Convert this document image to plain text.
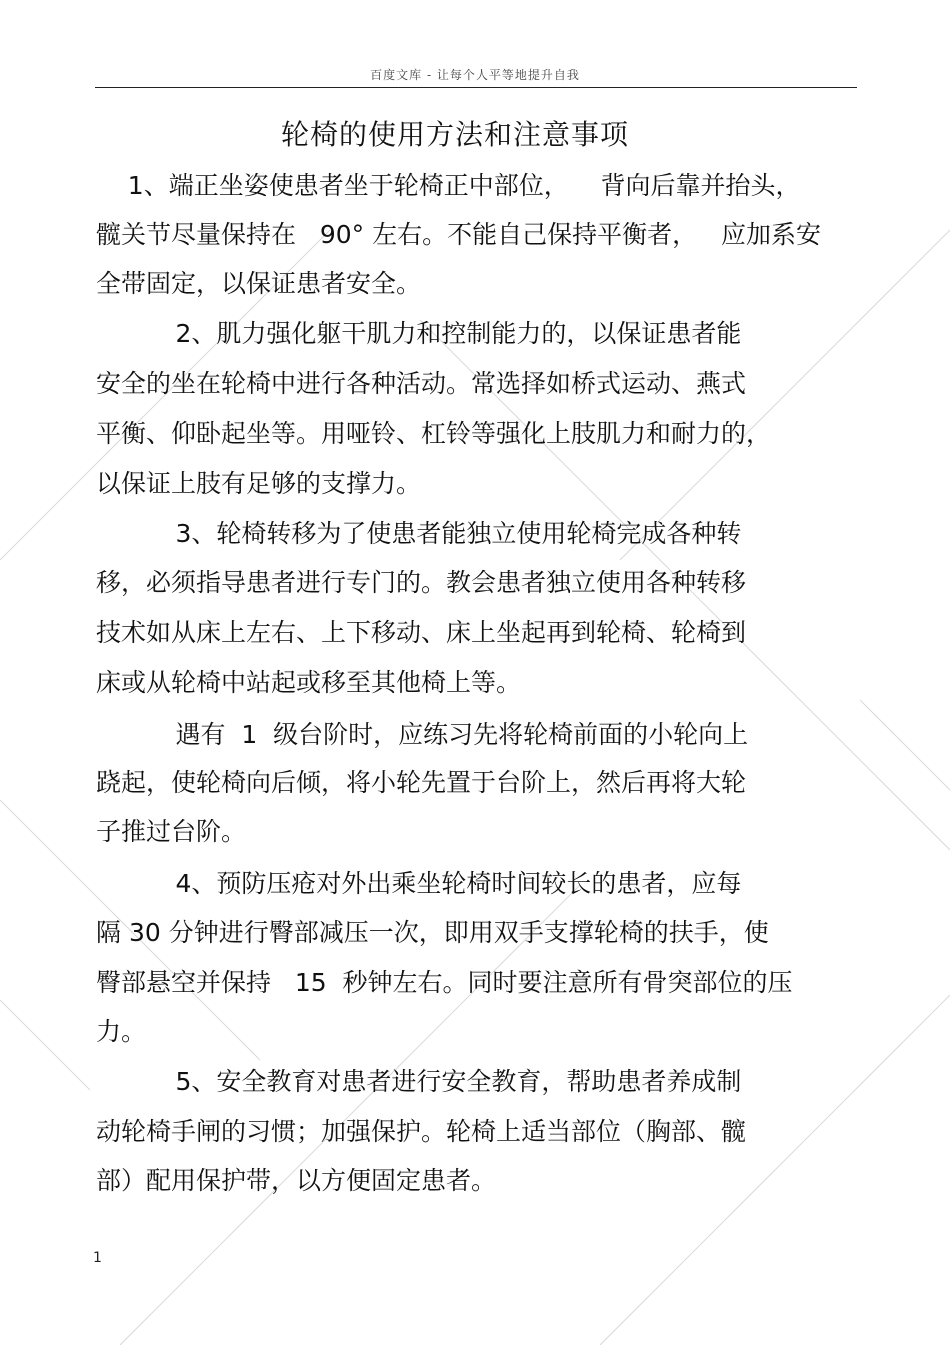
百度文库 - 让每个人平等地提升自我
轮椅的使用方法和注意事项
1、端正坐姿使患者坐于轮椅正中部位，    背向后靠并抬头，
髋关节尽量保持在   90° 左右。不能自己保持平衡者，   应加系安
全带固定，以保证患者安全。
2、肌力强化躯干肌力和控制能力的，以保证患者能
安全的坐在轮椅中进行各种活动。常选择如桥式运动、燕式
平衡、仰卧起坐等。用哑铃、杠铃等强化上肢肌力和耐力的，
以保证上肢有足够的支撑力。
3、轮椅转移为了使患者能独立使用轮椅完成各种转
移，必须指导患者进行专门的。教会患者独立使用各种转移
技术如从床上左右、上下移动、床上坐起再到轮椅、轮椅到
床或从轮椅中站起或移至其他椅上等。
遇有  1  级台阶时，应练习先将轮椅前面的小轮向上
跷起，使轮椅向后倾，将小轮先置于台阶上，然后再将大轮
子推过台阶。
4、预防压疮对外出乘坐轮椅时间较长的患者，应每
隔 30 分钟进行臀部减压一次，即用双手支撑轮椅的扶手，使
臀部悬空并保持   15  秒钟左右。同时要注意所有骨突部位的压
力。
5、安全教育对患者进行安全教育，帮助患者养成制
动轮椅手闸的习惯；加强保护。轮椅上适当部位（胸部、髋
部）配用保护带，以方便固定患者。
1
